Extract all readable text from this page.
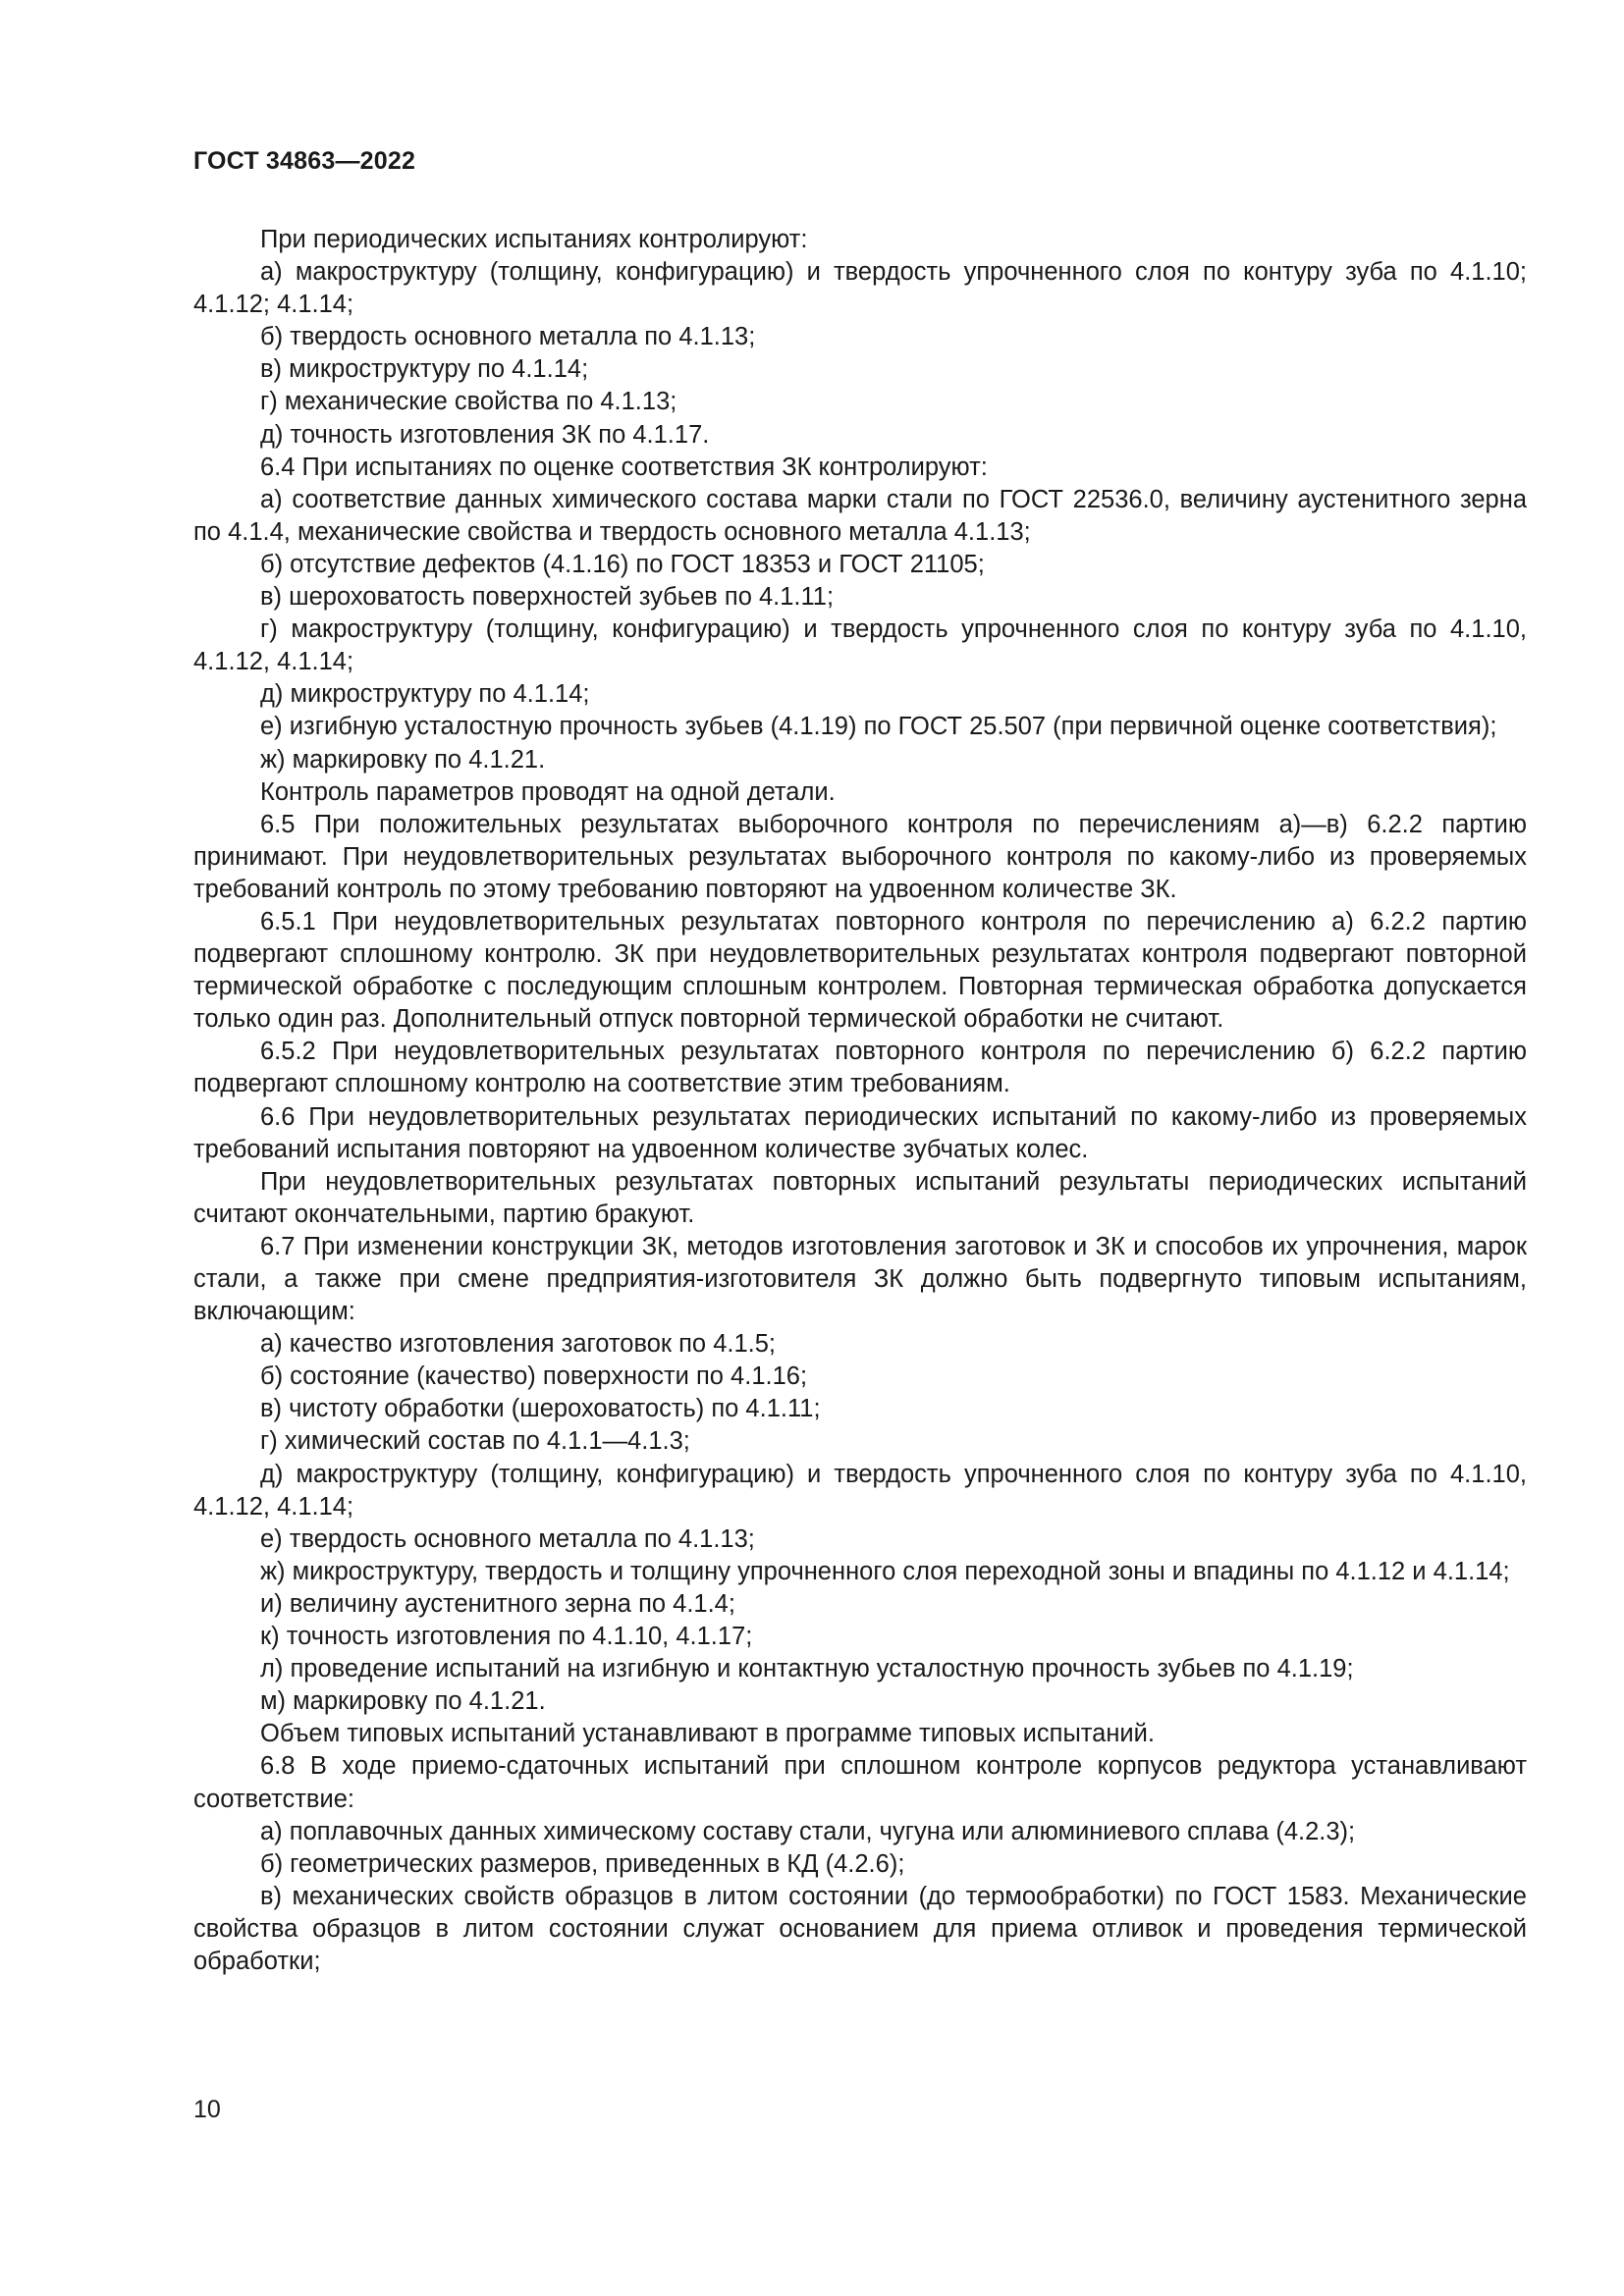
ГОСТ 34863—2022

При периодических испытаниях контролируют:

а) макроструктуру (толщину, конфигурацию) и твердость упрочненного слоя по контуру зуба по 4.1.10; 4.1.12; 4.1.14;

б) твердость основного металла по 4.1.13;

в) микроструктуру по 4.1.14;

г) механические свойства по 4.1.13;

д) точность изготовления ЗК по 4.1.17.

6.4 При испытаниях по оценке соответствия ЗК контролируют:

а) соответствие данных химического состава марки стали по ГОСТ 22536.0, величину аустенитного зерна по 4.1.4, механические свойства и твердость основного металла 4.1.13;

б) отсутствие дефектов (4.1.16) по ГОСТ 18353 и ГОСТ 21105;

в) шероховатость поверхностей зубьев по 4.1.11;

г) макроструктуру (толщину, конфигурацию) и твердость упрочненного слоя по контуру зуба по 4.1.10, 4.1.12, 4.1.14;

д) микроструктуру по 4.1.14;

е) изгибную усталостную прочность зубьев (4.1.19) по ГОСТ 25.507 (при первичной оценке соответствия);

ж) маркировку по 4.1.21.

Контроль параметров проводят на одной детали.

6.5 При положительных результатах выборочного контроля по перечислениям а)—в) 6.2.2 партию принимают. При неудовлетворительных результатах выборочного контроля по какому-либо из проверяемых требований контроль по этому требованию повторяют на удвоенном количестве ЗК.

6.5.1 При неудовлетворительных результатах повторного контроля по перечислению а) 6.2.2 партию подвергают сплошному контролю. ЗК при неудовлетворительных результатах контроля подвергают повторной термической обработке с последующим сплошным контролем. Повторная термическая обработка допускается только один раз. Дополнительный отпуск повторной термической обработки не считают.

6.5.2 При неудовлетворительных результатах повторного контроля по перечислению б) 6.2.2 партию подвергают сплошному контролю на соответствие этим требованиям.

6.6 При неудовлетворительных результатах периодических испытаний по какому-либо из проверяемых требований испытания повторяют на удвоенном количестве зубчатых колес.

При неудовлетворительных результатах повторных испытаний результаты периодических испытаний считают окончательными, партию бракуют.

6.7 При изменении конструкции ЗК, методов изготовления заготовок и ЗК и способов их упрочнения, марок стали, а также при смене предприятия-изготовителя ЗК должно быть подвергнуто типовым испытаниям, включающим:

а) качество изготовления заготовок по 4.1.5;

б) состояние (качество) поверхности по 4.1.16;

в) чистоту обработки (шероховатость) по 4.1.11;

г) химический состав по 4.1.1—4.1.3;

д) макроструктуру (толщину, конфигурацию) и твердость упрочненного слоя по контуру зуба по 4.1.10, 4.1.12, 4.1.14;

е) твердость основного металла по 4.1.13;

ж) микроструктуру, твердость и толщину упрочненного слоя переходной зоны и впадины по 4.1.12 и 4.1.14;

и) величину аустенитного зерна по 4.1.4;

к) точность изготовления по 4.1.10, 4.1.17;

л) проведение испытаний на изгибную и контактную усталостную прочность зубьев по 4.1.19;

м) маркировку по 4.1.21.

Объем типовых испытаний устанавливают в программе типовых испытаний.

6.8 В ходе приемо-сдаточных испытаний при сплошном контроле корпусов редуктора устанавливают соответствие:

а) поплавочных данных химическому составу стали, чугуна или алюминиевого сплава (4.2.3);

б) геометрических размеров, приведенных в КД (4.2.6);

в) механических свойств образцов в литом состоянии (до термообработки) по ГОСТ 1583. Механические свойства образцов в литом состоянии служат основанием для приема отливок и проведения термической обработки;

10
